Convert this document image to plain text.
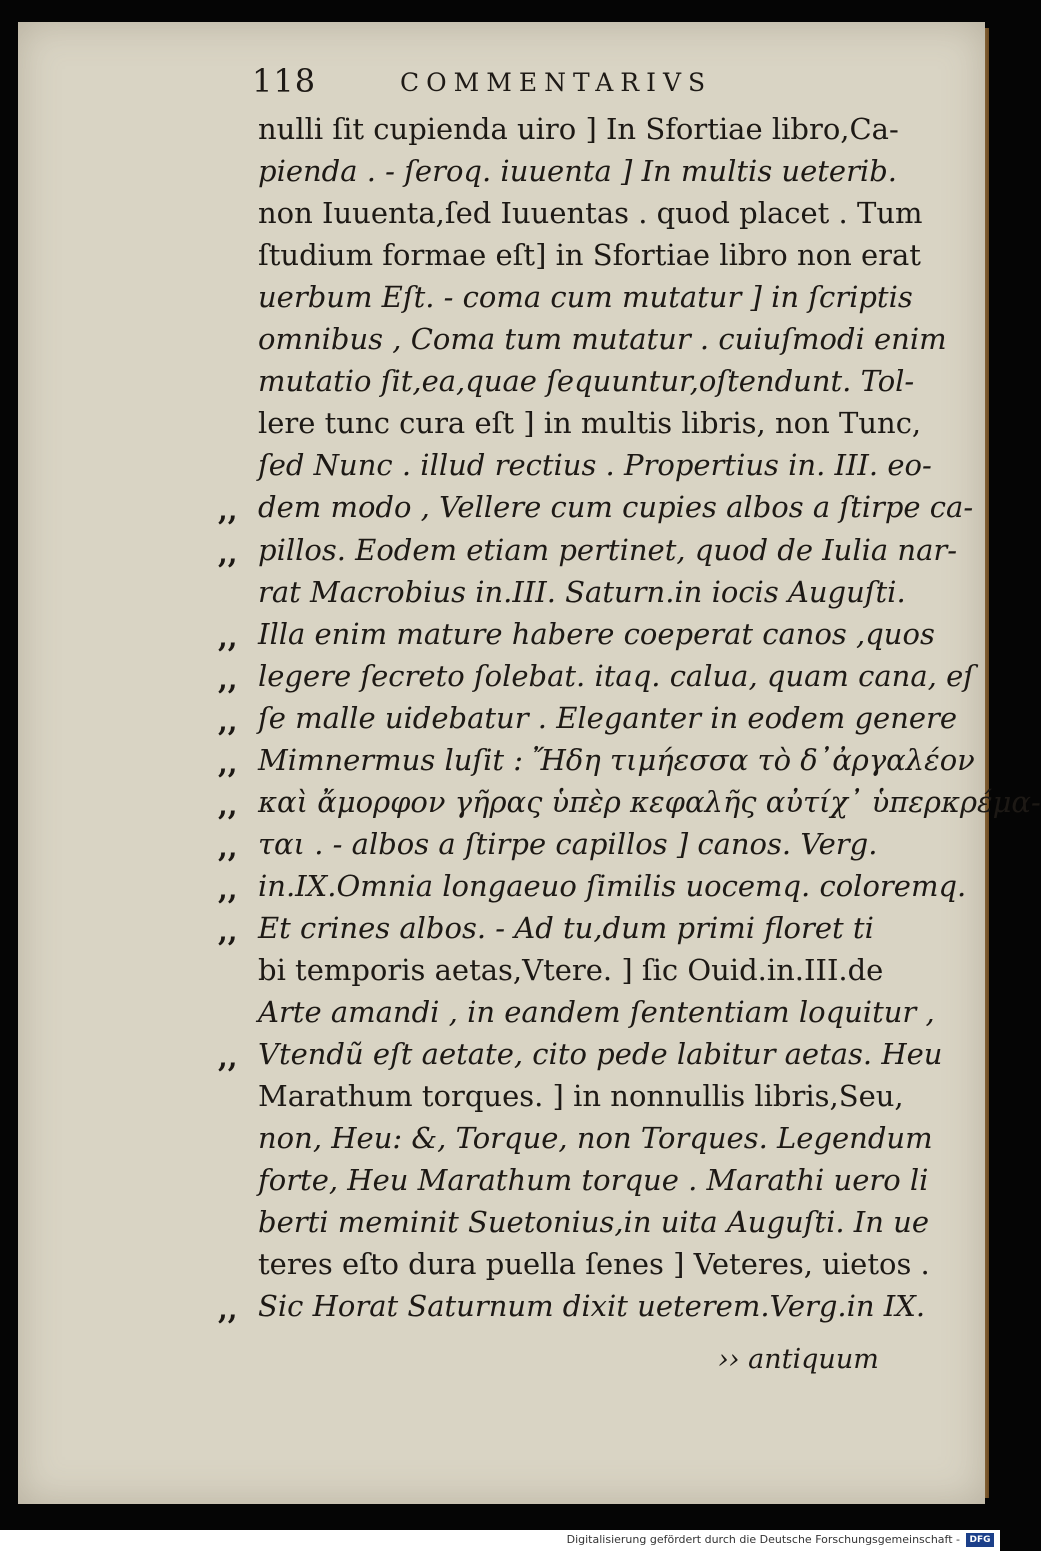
118	COMMENTARIVS
nulli ſit cupienda uiro ] In Sfortiae libro,Ca-
pienda . - ſeroq. iuuenta ] In multis ueterib.
non Iuuenta,ſed Iuuentas . quod placet . Tum
ſtudium formae eſt] in Sfortiae libro non erat
uerbum Eſt. - coma cum mutatur ] in ſcriptis
omnibus , Coma tum mutatur . cuiuſmodi enim
mutatio ſit,ea,quae ſequuntur,oſtendunt. Tol-
lere tunc cura eſt ] in multis libris, non Tunc,
ſed Nunc . illud rectius . Propertius in. III. eo-
dem modo , Vellere cum cupies albos a ſtirpe ca-
,,
pillos. Eodem etiam pertinet, quod de Iulia nar-
,,
rat Macrobius in.III. Saturn.in iocis Auguſti.
Illa enim mature habere coeperat canos ,quos
,,
legere ſecreto ſolebat. itaq. calua, quam cana, eſ
,,
ſe malle uidebatur . Eleganter in eodem genere
,,
Mimnermus luſit : Ἤδη τιμήεσσα τὸ δ᾽ἀργαλέον
,,
καὶ ἄμορφον γῆρας ὑπὲρ κεφαλῆς αὐτίχ᾽ ὑπερκρέμα-
,,
ται . - albos a ſtirpe capillos ] canos. Verg.
,,
in.IX.Omnia longaeuo ſimilis uocemq. coloremq.
,,
Et crines albos. - Ad tu,dum primi floret ti
,,
bi temporis aetas,Vtere. ] ſic Ouid.in.III.de
Arte amandi , in eandem ſententiam loquitur ,
Vtendũ eſt aetate, cito pede labitur aetas. Heu
,,
Marathum torques. ] in nonnullis libris,Seu,
non, Heu: &, Torque, non Torques. Legendum
forte, Heu Marathum torque . Marathi uero li
berti meminit Suetonius,in uita Auguſti. In ue
teres eſto dura puella ſenes ] Veteres, uietos .
Sic Horat Saturnum dixit ueterem.Verg.in IX.
,,
›› antiquum
Digitalisierung gefördert durch die Deutsche Forschungsgemeinschaft -	DFG
